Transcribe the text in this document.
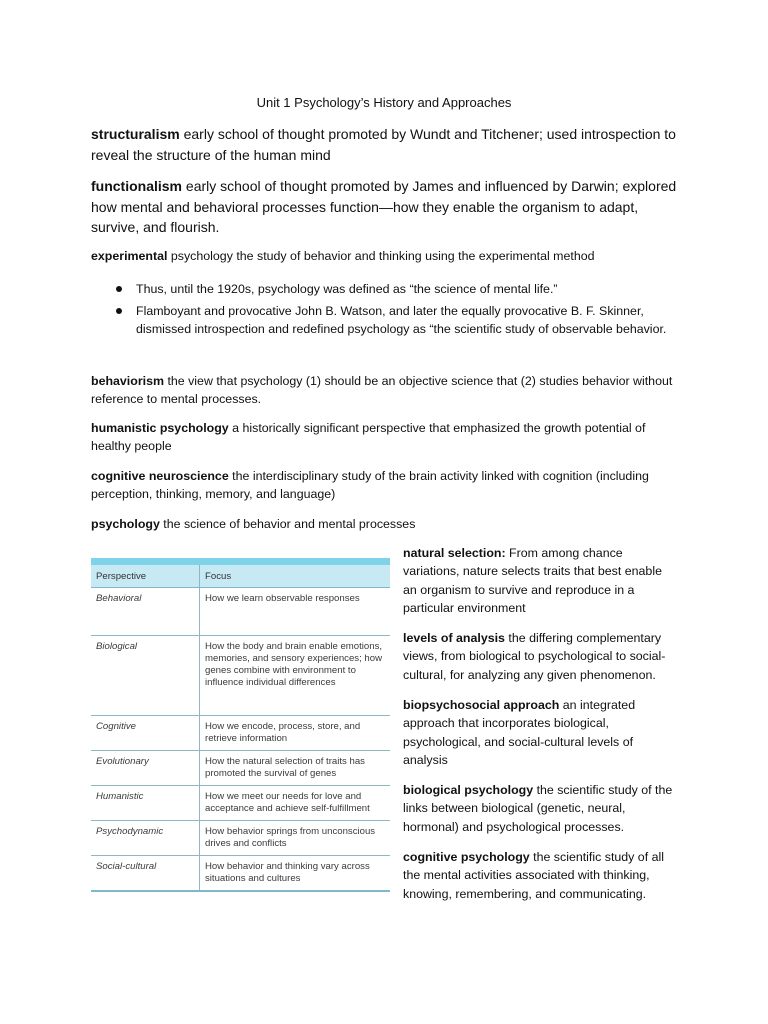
Unit 1 Psychology’s History and Approaches
structuralism early school of thought promoted by Wundt and Titchener; used introspection to reveal the structure of the human mind
functionalism early school of thought promoted by James and influenced by Darwin; explored how mental and behavioral processes function—how they enable the organism to adapt, survive, and flourish.
experimental psychology the study of behavior and thinking using the experimental method
Thus, until the 1920s, psychology was defined as “the science of mental life.”
Flamboyant and provocative John B. Watson, and later the equally provocative B. F. Skinner, dismissed introspection and redefined psychology as “the scientific study of observable behavior.
behaviorism the view that psychology (1) should be an objective science that (2) studies behavior without reference to mental processes.
humanistic psychology a historically significant perspective that emphasized the growth potential of healthy people
cognitive neuroscience the interdisciplinary study of the brain activity linked with cognition (including perception, thinking, memory, and language)
psychology the science of behavior and mental processes
Perspective	Focus
Behavioral	How we learn observable responses
Biological	How the body and brain enable emotions, memories, and sensory experiences; how genes combine with environment to influence individual differences
Cognitive	How we encode, process, store, and retrieve information
Evolutionary	How the natural selection of traits has promoted the survival of genes
Humanistic	How we meet our needs for love and acceptance and achieve self-fulfillment
Psychodynamic	How behavior springs from unconscious drives and conflicts
Social-cultural	How behavior and thinking vary across situations and cultures
natural selection: From among chance variations, nature selects traits that best enable an organism to survive and reproduce in a particular environment
levels of analysis the differing complementary views, from biological to psychological to social-cultural, for analyzing any given phenomenon.
biopsychosocial approach an integrated approach that incorporates biological, psychological, and social-cultural levels of analysis
biological psychology the scientific study of the links between biological (genetic, neural, hormonal) and psychological processes.
cognitive psychology the scientific study of all the mental activities associated with thinking, knowing, remembering, and communicating.
